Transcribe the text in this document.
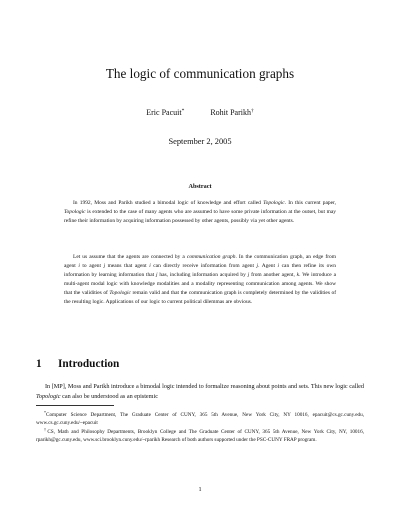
The logic of communication graphs
Eric Pacuit*	Rohit Parikh†
September 2, 2005
Abstract

In 1992, Moss and Parikh studied a bimodal logic of knowledge and effort called Topologic. In this current paper, Topologic is extended to the case of many agents who are assumed to have some private information at the outset, but may refine their information by acquiring information possessed by other agents, possibly via yet other agents.

Let us assume that the agents are connected by a communication graph. In the communication graph, an edge from agent i to agent j means that agent i can directly receive information from agent j. Agent i can then refine its own information by learning information that j has, including information acquired by j from another agent, k. We introduce a multi-agent modal logic with knowledge modalities and a modality representing communication among agents. We show that the validities of Topologic remain valid and that the communication graph is completely determined by the validities of the resulting logic. Applications of our logic to current political dilemmas are obvious.

1 Introduction

In [MP], Moss and Parikh introduce a bimodal logic intended to formalize reasoning about points and sets. This new logic called Topologic can also be understood as an epistemic

*Computer Science Department, The Graduate Center of CUNY, 365 5th Avenue, New York City, NY 10016, epacuit@cs.gc.cuny.edu, www.cs.gc.cuny.edu/~epacuit

†CS, Math and Philosophy Departments, Brooklyn College and The Graduate Center of CUNY, 365 5th Avenue, New York City, NY, 10016, rparikh@gc.cuny.edu, www.sci.brooklyn.cuny.edu/~rparikh Research of both authors supported under the PSC-CUNY FRAP program.

1
